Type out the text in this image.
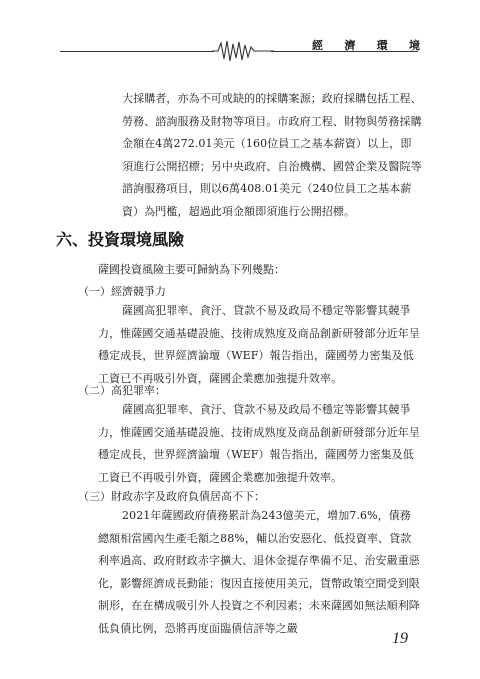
經 濟 環 境
大採購者，亦為不可或缺的的採購案源；政府採購包括工程、勞務、諮詢服務及財物等項目。市政府工程、財物與勞務採購金額在4萬272.01美元（160位員工之基本薪資）以上，即須進行公開招標；另中央政府、自治機構、國營企業及醫院等諮詢服務項目，則以6萬408.01美元（240位員工之基本薪資）為門檻，超過此項金額即須進行公開招標。
六、投資環境風險
薩國投資風險主要可歸納為下列幾點：
（一）經濟競爭力
薩國高犯罪率、貪汙、貸款不易及政局不穩定等影響其競爭力，惟薩國交通基礎設施、技術成熟度及商品創新研發部分近年呈穩定成長，世界經濟論壇（WEF）報告指出，薩國勞力密集及低工資已不再吸引外資，薩國企業應加強提升效率。
（二）高犯罪率：
薩國高犯罪率、貪汙、貸款不易及政局不穩定等影響其競爭力，惟薩國交通基礎設施、技術成熟度及商品創新研發部分近年呈穩定成長，世界經濟論壇（WEF）報告指出，薩國勞力密集及低工資已不再吸引外資，薩國企業應加強提升效率。
（三）財政赤字及政府負債居高不下：
2021年薩國政府債務累計為243億美元，增加7.6%，債務總額相當國內生產毛額之88%，輔以治安惡化、低投資率、貸款利率過高、政府財政赤字擴大、退休金提存準備不足、治安嚴重惡化，影響經濟成長動能；復因直接使用美元，貨幣政策空間受到限制形，在在構成吸引外人投資之不利因素；未來薩國如無法順利降低負債比例，恐將再度面臨債信評等之嚴
19
